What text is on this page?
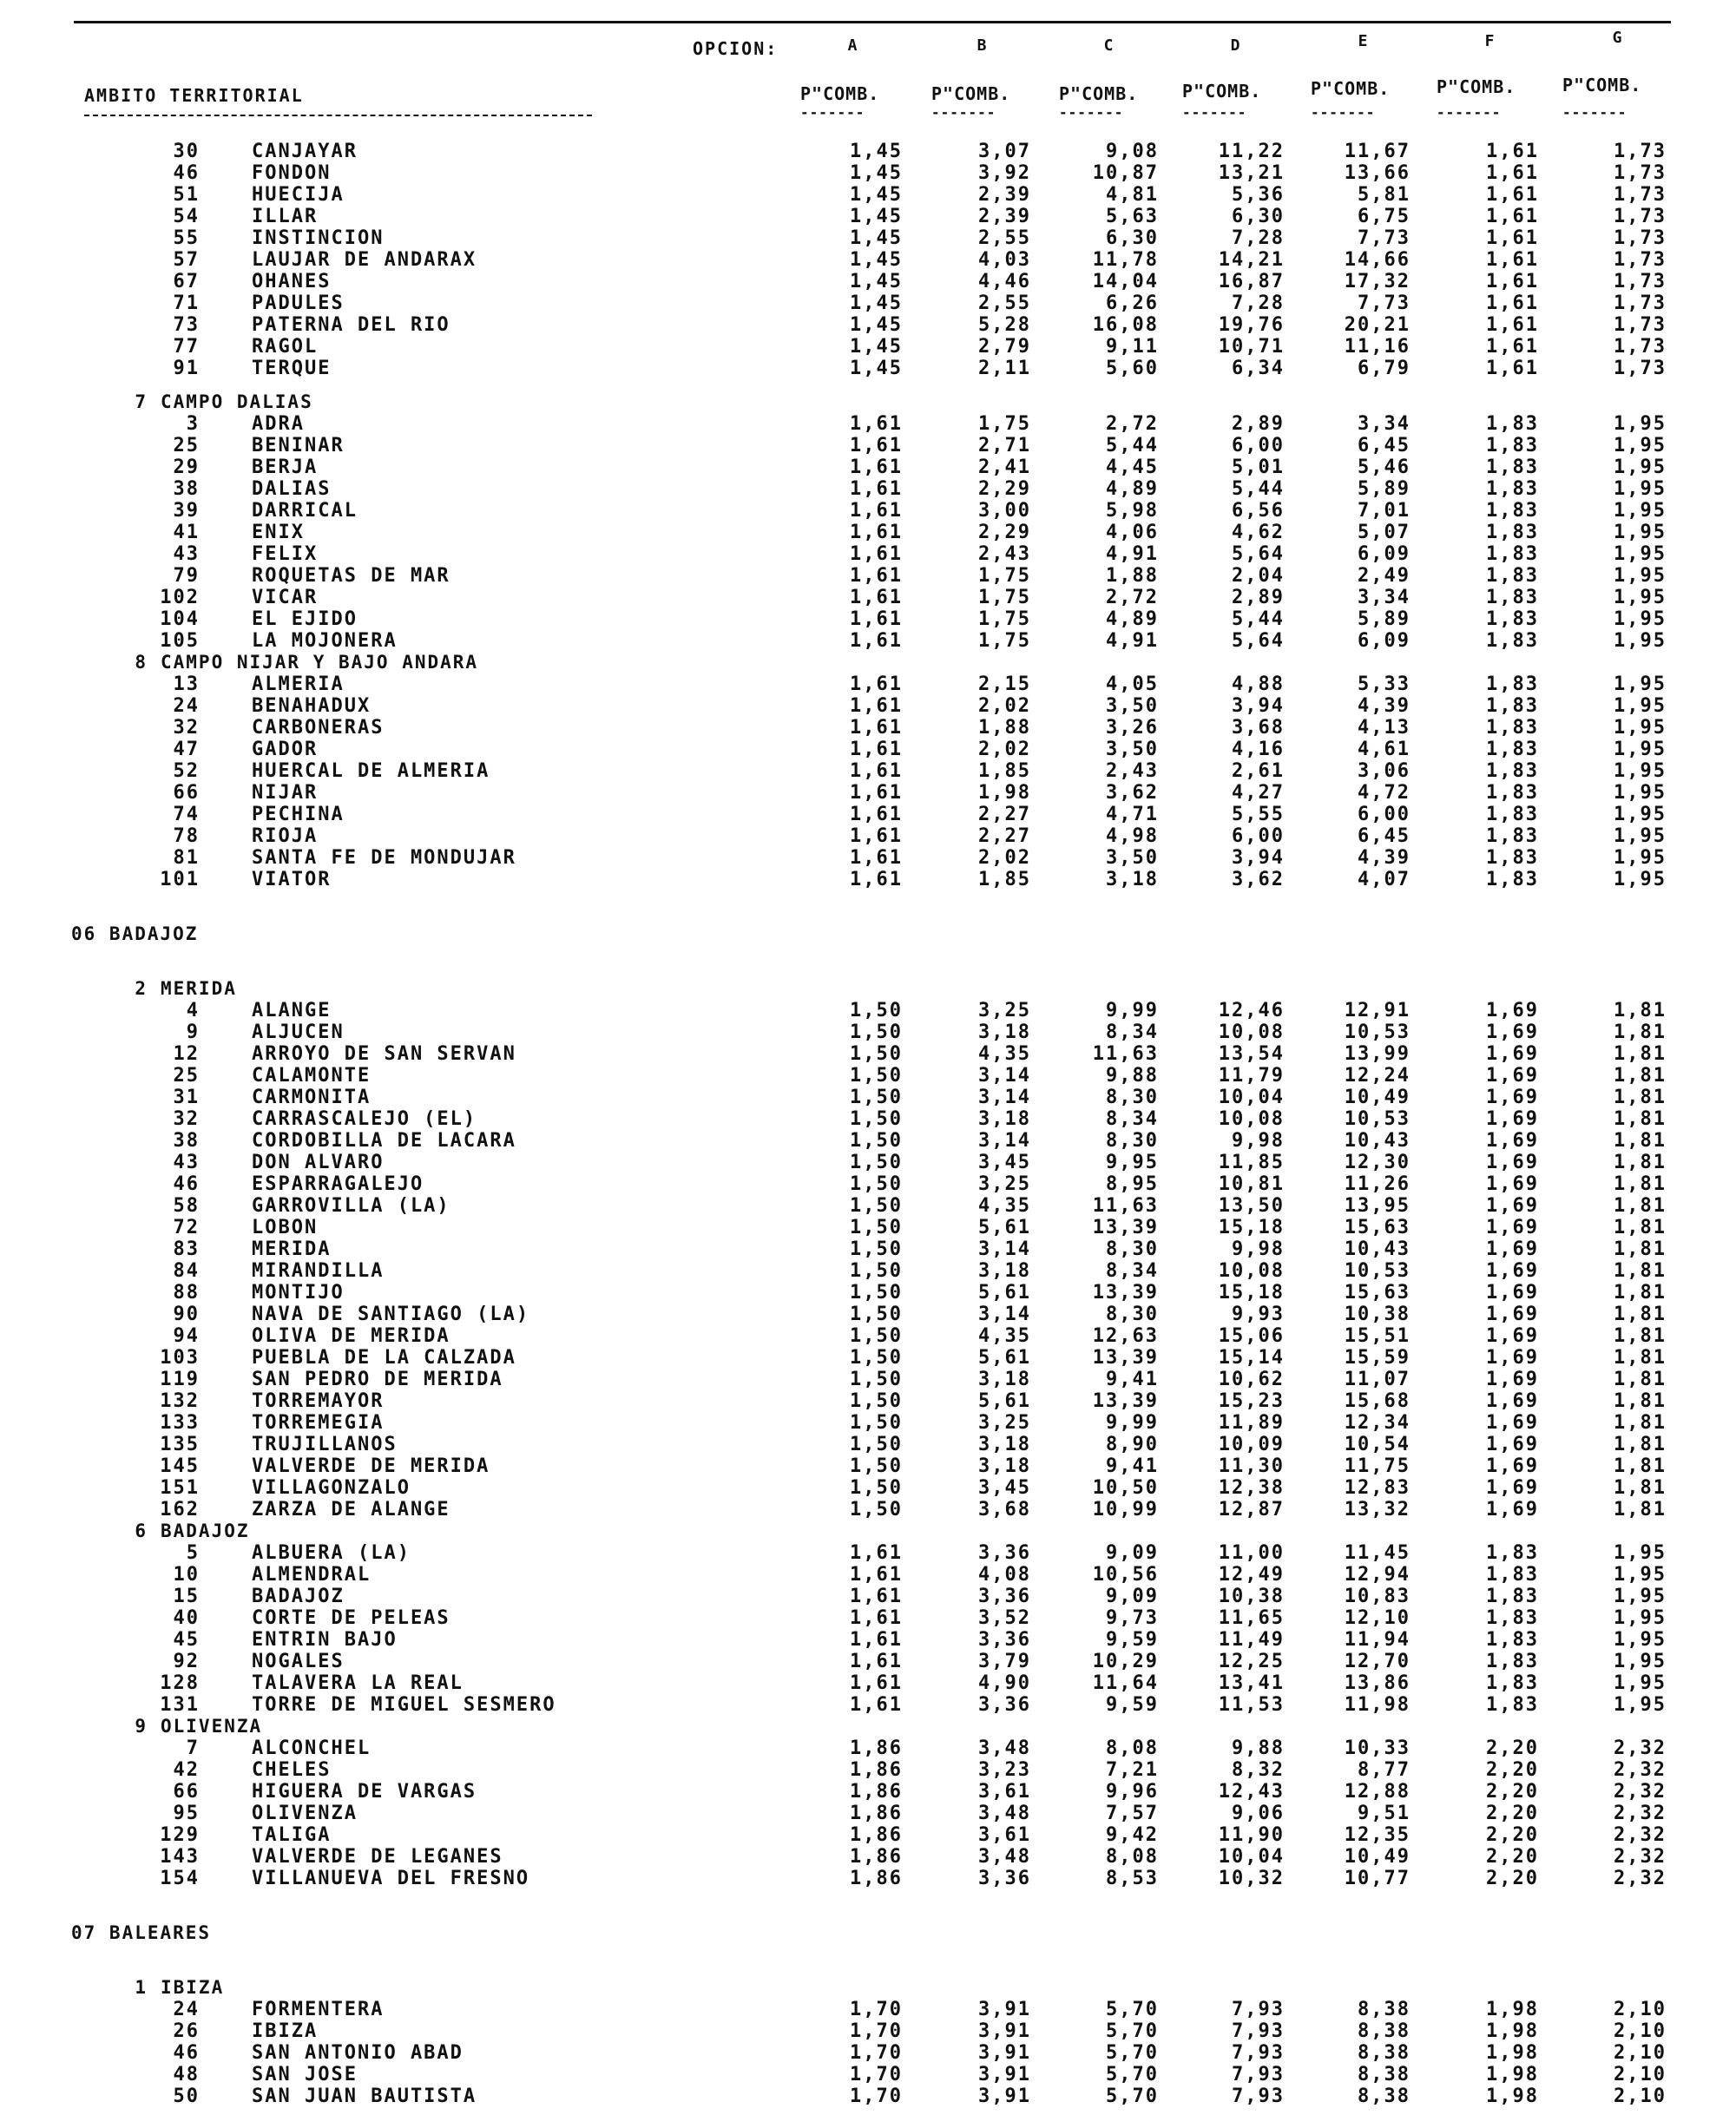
OPCION:	A	B	C	D	E	F	G
AMBITO TERRITORIAL	P"COMB.	P"COMB.	P"COMB.	P"COMB.	P"COMB.	P"COMB.	P"COMB.
-------	-------	-------	-------	-------	-------	-------
30	CANJAYAR	1,45	3,07	9,08	11,22	11,67	1,61	1,73
46	FONDON	1,45	3,92	10,87	13,21	13,66	1,61	1,73
51	HUECIJA	1,45	2,39	4,81	5,36	5,81	1,61	1,73
54	ILLAR	1,45	2,39	5,63	6,30	6,75	1,61	1,73
55	INSTINCION	1,45	2,55	6,30	7,28	7,73	1,61	1,73
57	LAUJAR DE ANDARAX	1,45	4,03	11,78	14,21	14,66	1,61	1,73
67	OHANES	1,45	4,46	14,04	16,87	17,32	1,61	1,73
71	PADULES	1,45	2,55	6,26	7,28	7,73	1,61	1,73
73	PATERNA DEL RIO	1,45	5,28	16,08	19,76	20,21	1,61	1,73
77	RAGOL	1,45	2,79	9,11	10,71	11,16	1,61	1,73
91	TERQUE	1,45	2,11	5,60	6,34	6,79	1,61	1,73
7 CAMPO DALIAS
3	ADRA	1,61	1,75	2,72	2,89	3,34	1,83	1,95
25	BENINAR	1,61	2,71	5,44	6,00	6,45	1,83	1,95
29	BERJA	1,61	2,41	4,45	5,01	5,46	1,83	1,95
38	DALIAS	1,61	2,29	4,89	5,44	5,89	1,83	1,95
39	DARRICAL	1,61	3,00	5,98	6,56	7,01	1,83	1,95
41	ENIX	1,61	2,29	4,06	4,62	5,07	1,83	1,95
43	FELIX	1,61	2,43	4,91	5,64	6,09	1,83	1,95
79	ROQUETAS DE MAR	1,61	1,75	1,88	2,04	2,49	1,83	1,95
102	VICAR	1,61	1,75	2,72	2,89	3,34	1,83	1,95
104	EL EJIDO	1,61	1,75	4,89	5,44	5,89	1,83	1,95
105	LA MOJONERA	1,61	1,75	4,91	5,64	6,09	1,83	1,95
8 CAMPO NIJAR Y BAJO ANDARA
13	ALMERIA	1,61	2,15	4,05	4,88	5,33	1,83	1,95
24	BENAHADUX	1,61	2,02	3,50	3,94	4,39	1,83	1,95
32	CARBONERAS	1,61	1,88	3,26	3,68	4,13	1,83	1,95
47	GADOR	1,61	2,02	3,50	4,16	4,61	1,83	1,95
52	HUERCAL DE ALMERIA	1,61	1,85	2,43	2,61	3,06	1,83	1,95
66	NIJAR	1,61	1,98	3,62	4,27	4,72	1,83	1,95
74	PECHINA	1,61	2,27	4,71	5,55	6,00	1,83	1,95
78	RIOJA	1,61	2,27	4,98	6,00	6,45	1,83	1,95
81	SANTA FE DE MONDUJAR	1,61	2,02	3,50	3,94	4,39	1,83	1,95
101	VIATOR	1,61	1,85	3,18	3,62	4,07	1,83	1,95
06 BADAJOZ
2 MERIDA
4	ALANGE	1,50	3,25	9,99	12,46	12,91	1,69	1,81
9	ALJUCEN	1,50	3,18	8,34	10,08	10,53	1,69	1,81
12	ARROYO DE SAN SERVAN	1,50	4,35	11,63	13,54	13,99	1,69	1,81
25	CALAMONTE	1,50	3,14	9,88	11,79	12,24	1,69	1,81
31	CARMONITA	1,50	3,14	8,30	10,04	10,49	1,69	1,81
32	CARRASCALEJO (EL)	1,50	3,18	8,34	10,08	10,53	1,69	1,81
38	CORDOBILLA DE LACARA	1,50	3,14	8,30	9,98	10,43	1,69	1,81
43	DON ALVARO	1,50	3,45	9,95	11,85	12,30	1,69	1,81
46	ESPARRAGALEJO	1,50	3,25	8,95	10,81	11,26	1,69	1,81
58	GARROVILLA (LA)	1,50	4,35	11,63	13,50	13,95	1,69	1,81
72	LOBON	1,50	5,61	13,39	15,18	15,63	1,69	1,81
83	MERIDA	1,50	3,14	8,30	9,98	10,43	1,69	1,81
84	MIRANDILLA	1,50	3,18	8,34	10,08	10,53	1,69	1,81
88	MONTIJO	1,50	5,61	13,39	15,18	15,63	1,69	1,81
90	NAVA DE SANTIAGO (LA)	1,50	3,14	8,30	9,93	10,38	1,69	1,81
94	OLIVA DE MERIDA	1,50	4,35	12,63	15,06	15,51	1,69	1,81
103	PUEBLA DE LA CALZADA	1,50	5,61	13,39	15,14	15,59	1,69	1,81
119	SAN PEDRO DE MERIDA	1,50	3,18	9,41	10,62	11,07	1,69	1,81
132	TORREMAYOR	1,50	5,61	13,39	15,23	15,68	1,69	1,81
133	TORREMEGIA	1,50	3,25	9,99	11,89	12,34	1,69	1,81
135	TRUJILLANOS	1,50	3,18	8,90	10,09	10,54	1,69	1,81
145	VALVERDE DE MERIDA	1,50	3,18	9,41	11,30	11,75	1,69	1,81
151	VILLAGONZALO	1,50	3,45	10,50	12,38	12,83	1,69	1,81
162	ZARZA DE ALANGE	1,50	3,68	10,99	12,87	13,32	1,69	1,81
6 BADAJOZ
5	ALBUERA (LA)	1,61	3,36	9,09	11,00	11,45	1,83	1,95
10	ALMENDRAL	1,61	4,08	10,56	12,49	12,94	1,83	1,95
15	BADAJOZ	1,61	3,36	9,09	10,38	10,83	1,83	1,95
40	CORTE DE PELEAS	1,61	3,52	9,73	11,65	12,10	1,83	1,95
45	ENTRIN BAJO	1,61	3,36	9,59	11,49	11,94	1,83	1,95
92	NOGALES	1,61	3,79	10,29	12,25	12,70	1,83	1,95
128	TALAVERA LA REAL	1,61	4,90	11,64	13,41	13,86	1,83	1,95
131	TORRE DE MIGUEL SESMERO	1,61	3,36	9,59	11,53	11,98	1,83	1,95
9 OLIVENZA
7	ALCONCHEL	1,86	3,48	8,08	9,88	10,33	2,20	2,32
42	CHELES	1,86	3,23	7,21	8,32	8,77	2,20	2,32
66	HIGUERA DE VARGAS	1,86	3,61	9,96	12,43	12,88	2,20	2,32
95	OLIVENZA	1,86	3,48	7,57	9,06	9,51	2,20	2,32
129	TALIGA	1,86	3,61	9,42	11,90	12,35	2,20	2,32
143	VALVERDE DE LEGANES	1,86	3,48	8,08	10,04	10,49	2,20	2,32
154	VILLANUEVA DEL FRESNO	1,86	3,36	8,53	10,32	10,77	2,20	2,32
07 BALEARES
1 IBIZA
24	FORMENTERA	1,70	3,91	5,70	7,93	8,38	1,98	2,10
26	IBIZA	1,70	3,91	5,70	7,93	8,38	1,98	2,10
46	SAN ANTONIO ABAD	1,70	3,91	5,70	7,93	8,38	1,98	2,10
48	SAN JOSE	1,70	3,91	5,70	7,93	8,38	1,98	2,10
50	SAN JUAN BAUTISTA	1,70	3,91	5,70	7,93	8,38	1,98	2,10
